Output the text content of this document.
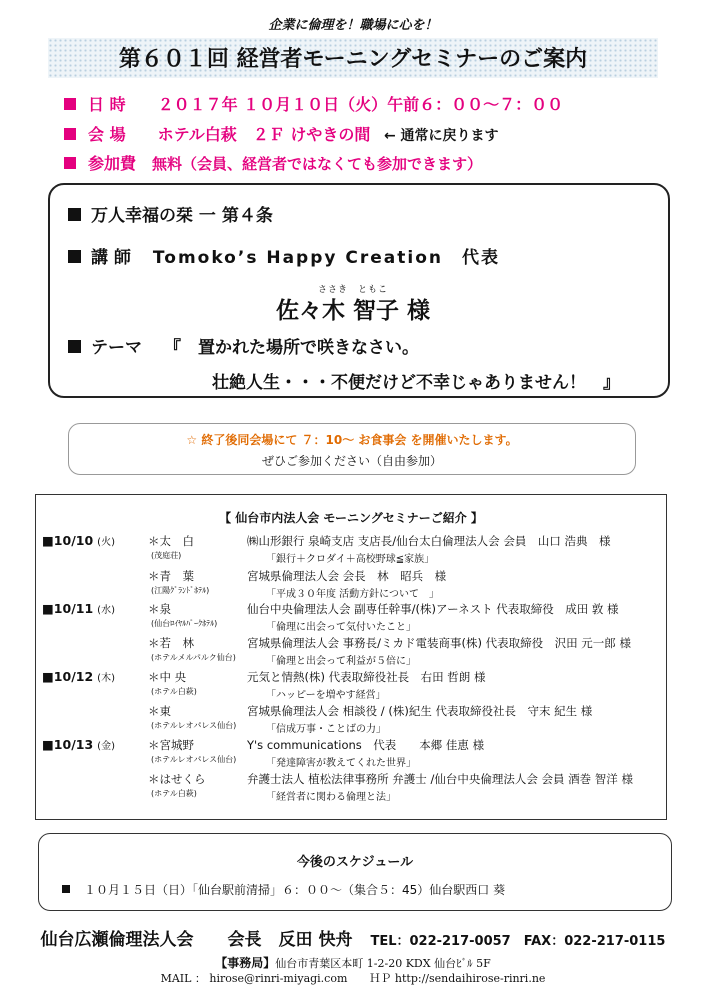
企業に倫理を！職場に心を！
第６０１回 経営者モーニングセミナーのご案内
日 時 ２０１７年 １０月１０日（火）午前６：００～７：００
会 場 ホテル白萩　２Ｆ けやきの間 ← 通常に戻ります
参加費 無料（会員、経営者ではなくても参加できます）
万人幸福の栞 一 第４条
講 師 Tomoko’s Happy Creation　代表
ささき　ともこ
佐々木 智子 様
テーマ 『　置かれた場所で咲きなさい。
壮絶人生・・・不便だけど不幸じゃありません！　』
☆ 終了後同会場にて ７：10～ お食事会 を開催いたします。
ぜひご参加ください（自由参加）
【 仙台市内法人会 モーニングセミナーご紹介 】
■10/10 (火)	＊太　白	㈱山形銀行 泉崎支店 支店長/仙台太白倫理法人会 会員　山口 浩典　様
(茂庭荘)	「銀行＋クロダイ＋高校野球≦家族」
＊青　葉	宮城県倫理法人会 会長　林　昭兵　様
(江陽ｸﾞﾗﾝﾄﾞﾎﾃﾙ)	「平成３０年度 活動方針について　」
■10/11 (水)	＊泉	仙台中央倫理法人会 副専任幹事/(株)アーネスト 代表取締役　成田 敦 様
(仙台ﾛｲﾔﾙﾊﾟｰｸﾎﾃﾙ)	「倫理に出会って気付いたこと」
＊若　林	宮城県倫理法人会 事務長/ミカド電装商事(株) 代表取締役　沢田 元一郎 様
(ホテルメルパルク仙台)	「倫理と出会って利益が５倍に」
■10/12 (木)	＊中 央	元気と情熱(株) 代表取締役社長　右田 哲朗 様
(ホテル白萩)	「ハッピーを増やす経営」
＊東	宮城県倫理法人会 相談役 / (株)紀生 代表取締役社長　守末 紀生 様
(ホテルレオパレス仙台)	「信成万事・ことばの力」
■10/13 (金)	＊宮城野	Y's communications　代表　　本郷 佳恵 様
(ホテルレオパレス仙台)	「発達障害が教えてくれた世界」
＊はせくら	弁護士法人 植松法律事務所 弁護士 /仙台中央倫理法人会 会員 酒巻 智洋 様
(ホテル白萩)	「経営者に関わる倫理と法」
今後のスケジュール
１０月１５日（日）「仙台駅前清掃」６：００～（集合５：45）仙台駅西口 葵
仙台広瀬倫理法人会　　会長　反田 快舟 TEL：022-217-0057　FAX：022-217-0115
【事務局】仙台市青葉区本町 1-2-20 KDX 仙台ﾋﾞﾙ 5F
MAIL ： hirose@rinri-miyagi.com　　ＨＰ http://sendaihirose-rinri.ne
